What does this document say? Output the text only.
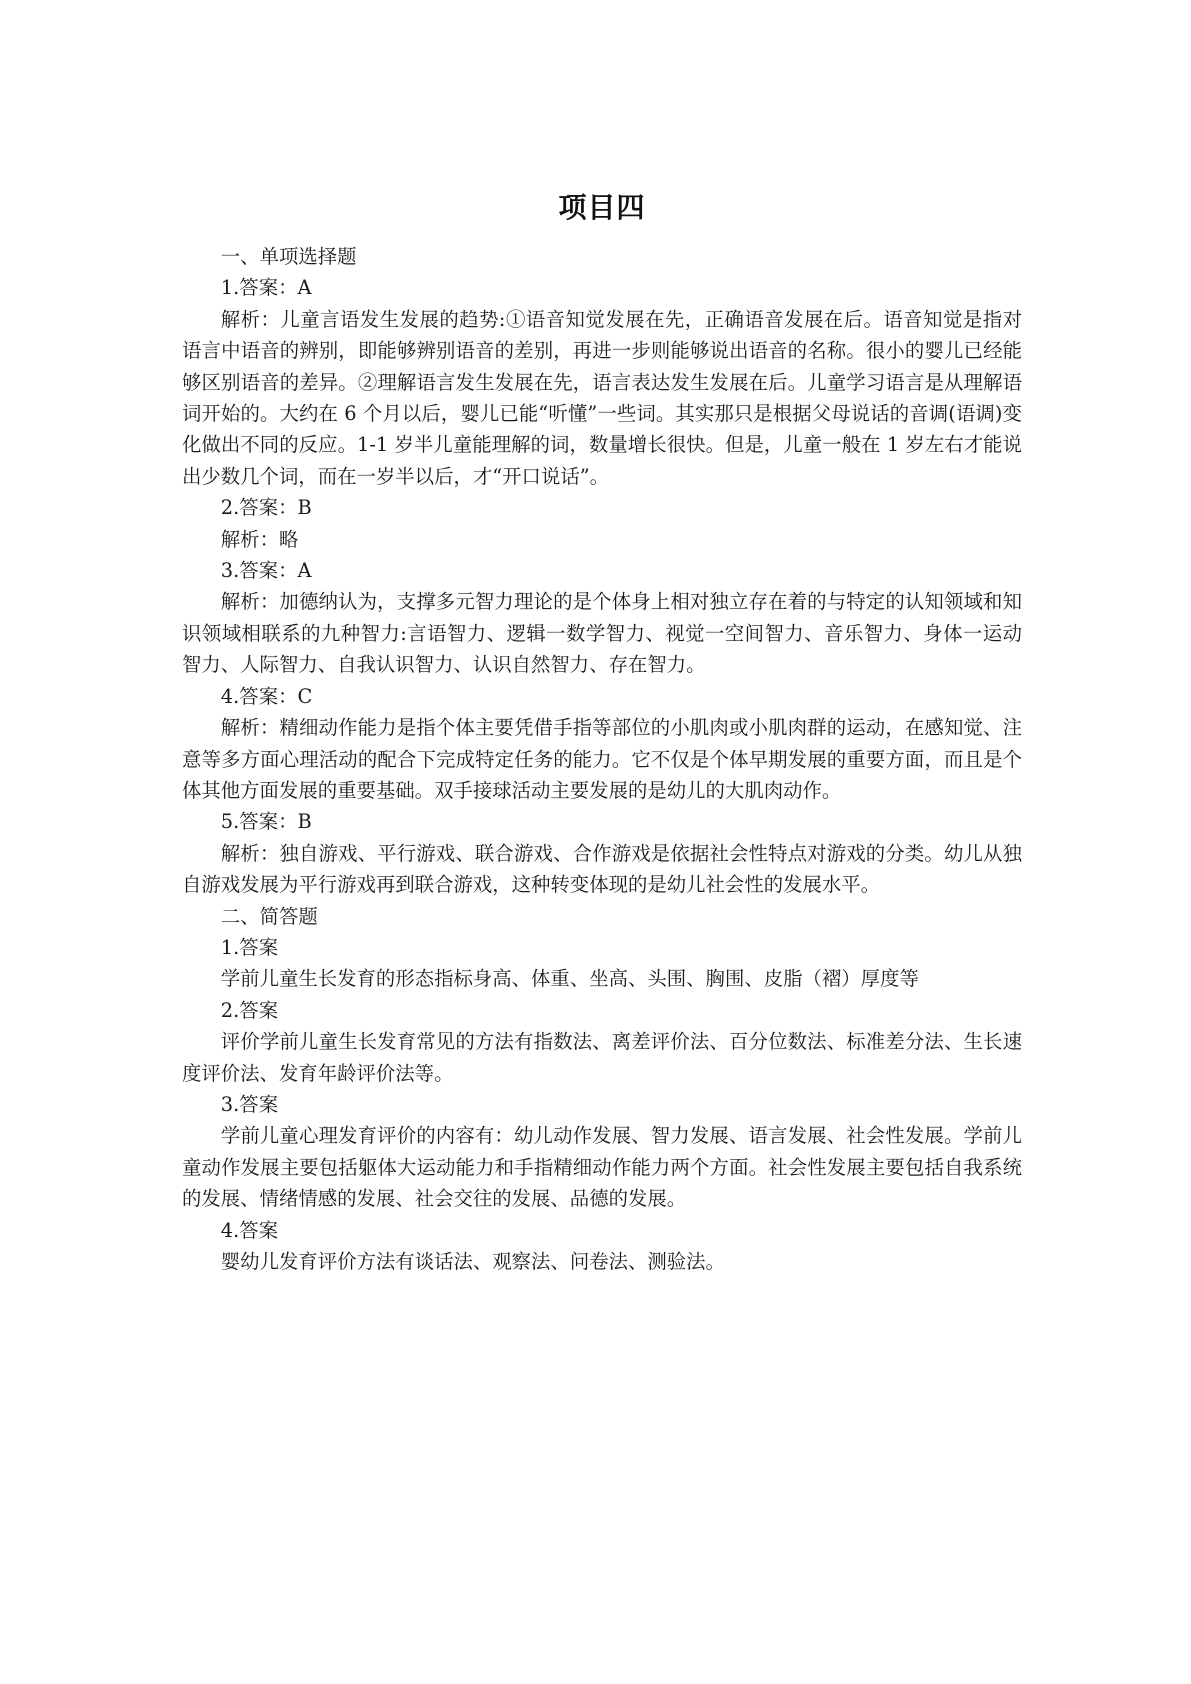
项目四

一、单项选择题

1.答案：A

解析：儿童言语发生发展的趋势:①语音知觉发展在先，正确语音发展在后。语音知觉是指对语言中语音的辨别，即能够辨别语音的差别，再进一步则能够说出语音的名称。很小的婴儿已经能够区别语音的差异。②理解语言发生发展在先，语言表达发生发展在后。儿童学习语言是从理解语词开始的。大约在 6 个月以后，婴儿已能“听懂”一些词。其实那只是根据父母说话的音调(语调)变化做出不同的反应。1-1 岁半儿童能理解的词，数量增长很快。但是，儿童一般在 1 岁左右才能说出少数几个词，而在一岁半以后，才“开口说话”。

2.答案：B

解析：略

3.答案：A

解析：加德纳认为，支撑多元智力理论的是个体身上相对独立存在着的与特定的认知领域和知识领域相联系的九种智力:言语智力、逻辑一数学智力、视觉一空间智力、音乐智力、身体一运动智力、人际智力、自我认识智力、认识自然智力、存在智力。

4.答案：C

解析：精细动作能力是指个体主要凭借手指等部位的小肌肉或小肌肉群的运动，在感知觉、注意等多方面心理活动的配合下完成特定任务的能力。它不仅是个体早期发展的重要方面，而且是个体其他方面发展的重要基础。双手接球活动主要发展的是幼儿的大肌肉动作。

5.答案：B

解析：独自游戏、平行游戏、联合游戏、合作游戏是依据社会性特点对游戏的分类。幼儿从独自游戏发展为平行游戏再到联合游戏，这种转变体现的是幼儿社会性的发展水平。

二、简答题

1.答案

学前儿童生长发育的形态指标身高、体重、坐高、头围、胸围、皮脂（褶）厚度等

2.答案

评价学前儿童生长发育常见的方法有指数法、离差评价法、百分位数法、标准差分法、生长速度评价法、发育年龄评价法等。

3.答案

学前儿童心理发育评价的内容有：幼儿动作发展、智力发展、语言发展、社会性发展。学前儿童动作发展主要包括躯体大运动能力和手指精细动作能力两个方面。社会性发展主要包括自我系统的发展、情绪情感的发展、社会交往的发展、品德的发展。

4.答案

婴幼儿发育评价方法有谈话法、观察法、问卷法、测验法。
